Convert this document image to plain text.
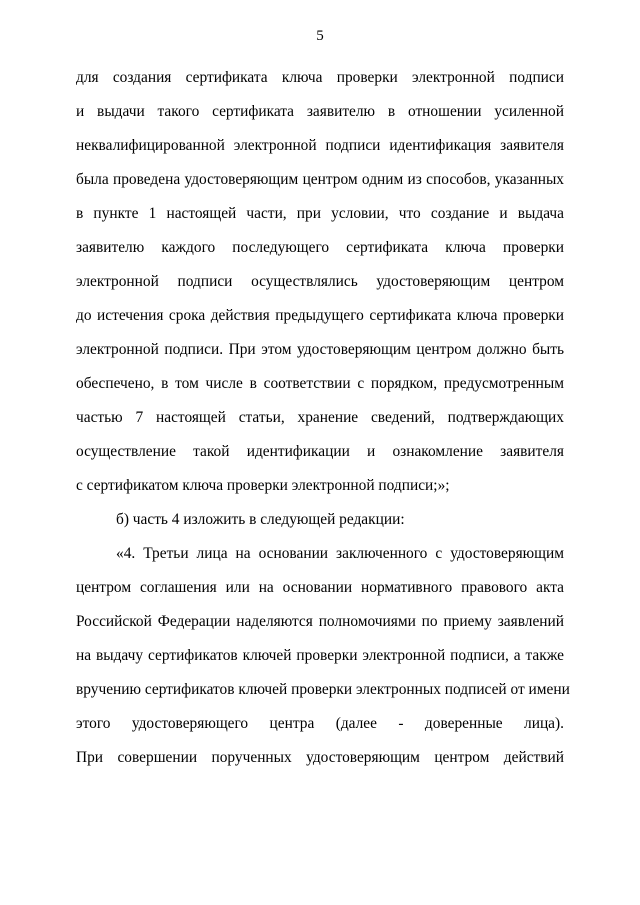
5
для создания сертификата ключа проверки электронной подписи
и выдачи такого сертификата заявителю в отношении усиленной
неквалифицированной электронной подписи идентификация заявителя
была проведена удостоверяющим центром одним из способов, указанных
в пункте 1 настоящей части, при условии, что создание и выдача
заявителю каждого последующего сертификата ключа проверки
электронной подписи осуществлялись удостоверяющим центром
до истечения срока действия предыдущего сертификата ключа проверки
электронной подписи. При этом удостоверяющим центром должно быть
обеспечено, в том числе в соответствии с порядком, предусмотренным
частью 7 настоящей статьи, хранение сведений, подтверждающих
осуществление такой идентификации и ознакомление заявителя
с сертификатом ключа проверки электронной подписи;»;
б) часть 4 изложить в следующей редакции:
«4. Третьи лица на основании заключенного с удостоверяющим
центром соглашения или на основании нормативного правового акта
Российской Федерации наделяются полномочиями по приему заявлений
на выдачу сертификатов ключей проверки электронной подписи, а также
вручению сертификатов ключей проверки электронных подписей от имени
этого удостоверяющего центра (далее - доверенные лица).
При совершении порученных удостоверяющим центром действий
